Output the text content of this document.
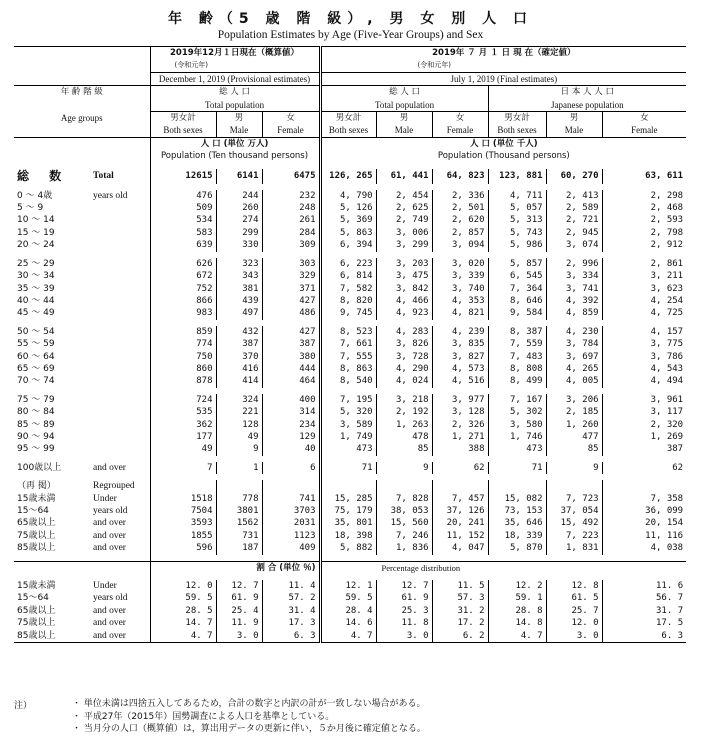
年 齢（5 歳 階 級）, 男 女 別 人 口
Population Estimates by Age (Five-Year Groups) and Sex
		2019年12月１日現在（概算値）			2019年 ７ 月 １ 日 現 在（確定値）					
		(令和元年)			(令和元年)					
		December 1, 2019 (Provisional estimates)			July 1, 2019 (Final estimates)					
年 齢 階 級		総 人 口			総 人 口			日 本 人 人 口		
		Total population			Total population			Japanese population		
Age groups		男女計	男	女	男女計	男	女	男女計	男	女
		Both sexes	Male	Female	Both sexes	Male	Female	Both sexes	Male	Female
		人 口 (単位 万人)			人 口 (単位 千人)					
		Population (Ten thousand persons)			Population (Thousand persons)					

総 数	Total	12615	6141	6475	126, 265	61, 441	64, 823	123, 881	60, 270	63, 611

0 ～ 4歳	years old	476	244	232	4, 790	2, 454	2, 336	4, 711	2, 413	2, 298
5 ～ 9		509	260	248	5, 126	2, 625	2, 501	5, 057	2, 589	2, 468
10 ～ 14		534	274	261	5, 369	2, 749	2, 620	5, 313	2, 721	2, 593
15 ～ 19		583	299	284	5, 863	3, 006	2, 857	5, 743	2, 945	2, 798
20 ～ 24		639	330	309	6, 394	3, 299	3, 094	5, 986	3, 074	2, 912

25 ～ 29		626	323	303	6, 223	3, 203	3, 020	5, 857	2, 996	2, 861
30 ～ 34		672	343	329	6, 814	3, 475	3, 339	6, 545	3, 334	3, 211
35 ～ 39		752	381	371	7, 582	3, 842	3, 740	7, 364	3, 741	3, 623
40 ～ 44		866	439	427	8, 820	4, 466	4, 353	8, 646	4, 392	4, 254
45 ～ 49		983	497	486	9, 745	4, 923	4, 821	9, 584	4, 859	4, 725

50 ～ 54		859	432	427	8, 523	4, 283	4, 239	8, 387	4, 230	4, 157
55 ～ 59		774	387	387	7, 661	3, 826	3, 835	7, 559	3, 784	3, 775
60 ～ 64		750	370	380	7, 555	3, 728	3, 827	7, 483	3, 697	3, 786
65 ～ 69		860	416	444	8, 863	4, 290	4, 573	8, 808	4, 265	4, 543
70 ～ 74		878	414	464	8, 540	4, 024	4, 516	8, 499	4, 005	4, 494

75 ～ 79		724	324	400	7, 195	3, 218	3, 977	7, 167	3, 206	3, 961
80 ～ 84		535	221	314	5, 320	2, 192	3, 128	5, 302	2, 185	3, 117
85 ～ 89		362	128	234	3, 589	1, 263	2, 326	3, 580	1, 260	2, 320
90 ～ 94		177	49	129	1, 749	478	1, 271	1, 746	477	1, 269
95 ～ 99		49	9	40	473	85	388	473	85	387

100歳以上	and over	7	1	6	71	9	62	71	9	62

（再 掲）	Regrouped									
15歳未満	Under	1518	778	741	15, 285	7, 828	7, 457	15, 082	7, 723	7, 358
15～64	years old	7504	3801	3703	75, 179	38, 053	37, 126	73, 153	37, 054	36, 099
65歳以上	and over	3593	1562	2031	35, 801	15, 560	20, 241	35, 646	15, 492	20, 154
75歳以上	and over	1855	731	1123	18, 398	7, 246	11, 152	18, 339	7, 223	11, 116
85歳以上	and over	596	187	409	5, 882	1, 836	4, 047	5, 870	1, 831	4, 038

		割 合 (単位 ％)			Percentage distribution					

15歳未満	Under	12. 0	12. 7	11. 4	12. 1	12. 7	11. 5	12. 2	12. 8	11. 6
15～64	years old	59. 5	61. 9	57. 2	59. 5	61. 9	57. 3	59. 1	61. 5	56. 7
65歳以上	and over	28. 5	25. 4	31. 4	28. 4	25. 3	31. 2	28. 8	25. 7	31. 7
75歳以上	and over	14. 7	11. 9	17. 3	14. 6	11. 8	17. 2	14. 8	12. 0	17. 5
85歳以上	and over	4. 7	3. 0	6. 3	4. 7	3. 0	6. 2	4. 7	3. 0	6. 3
注）	・ 単位未満は四捨五入してあるため，合計の数字と内訳の計が一致しない場合がある。
・ 平成27年（2015年）国勢調査による人口を基準としている。
・ 当月分の人口（概算値）は，算出用データの更新に伴い，５か月後に確定値となる。
